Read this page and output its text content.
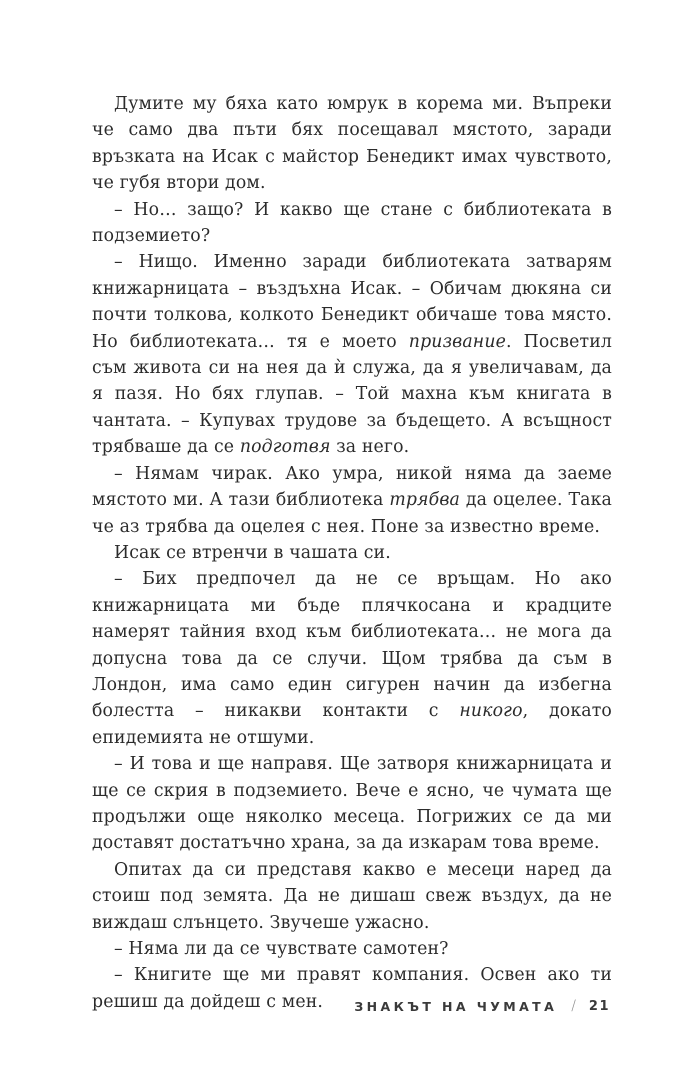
Думите му бяха като юмрук в корема ми. Въпреки че само два пъти бях посещавал мястото, заради връзката на Исак с майстор Бенедикт имах чувството, че губя втори дом.

– Но… защо? И какво ще стане с библиотеката в подземието?

– Нищо. Именно заради библиотеката затварям книжарницата – въздъхна Исак. – Обичам дюкяна си почти толкова, колкото Бенедикт обичаше това място. Но библиотеката… тя е моето призвание. Посветил съм живота си на нея да ѝ служа, да я увеличавам, да я пазя. Но бях глупав. – Той махна към книгата в чантата. – Купувах трудове за бъдещето. А всъщност трябваше да се подготвя за него.

– Нямам чирак. Ако умра, никой няма да заеме мястото ми. А тази библиотека трябва да оцелее. Така че аз трябва да оцелея с нея. Поне за известно време.

Исак се втренчи в чашата си.

– Бих предпочел да не се връщам. Но ако книжарницата ми бъде плячкосана и крадците намерят тайния вход към библиотеката… не мога да допусна това да се случи. Щом трябва да съм в Лондон, има само един сигурен начин да избегна болестта – никакви контакти с никого, докато епидемията не отшуми.

– И това и ще направя. Ще затворя книжарницата и ще се скрия в подземието. Вече е ясно, че чумата ще продължи още няколко месеца. Погрижих се да ми доставят достатъчно храна, за да изкарам това време.

Опитах да си представя какво е месеци наред да стоиш под земята. Да не дишаш свеж въздух, да не виждаш слънцето. Звучеше ужасно.

– Няма ли да се чувствате самотен?

– Книгите ще ми правят компания. Освен ако ти решиш да дойдеш с мен.	ЗНАКЪТ НА ЧУМАТА / 21
